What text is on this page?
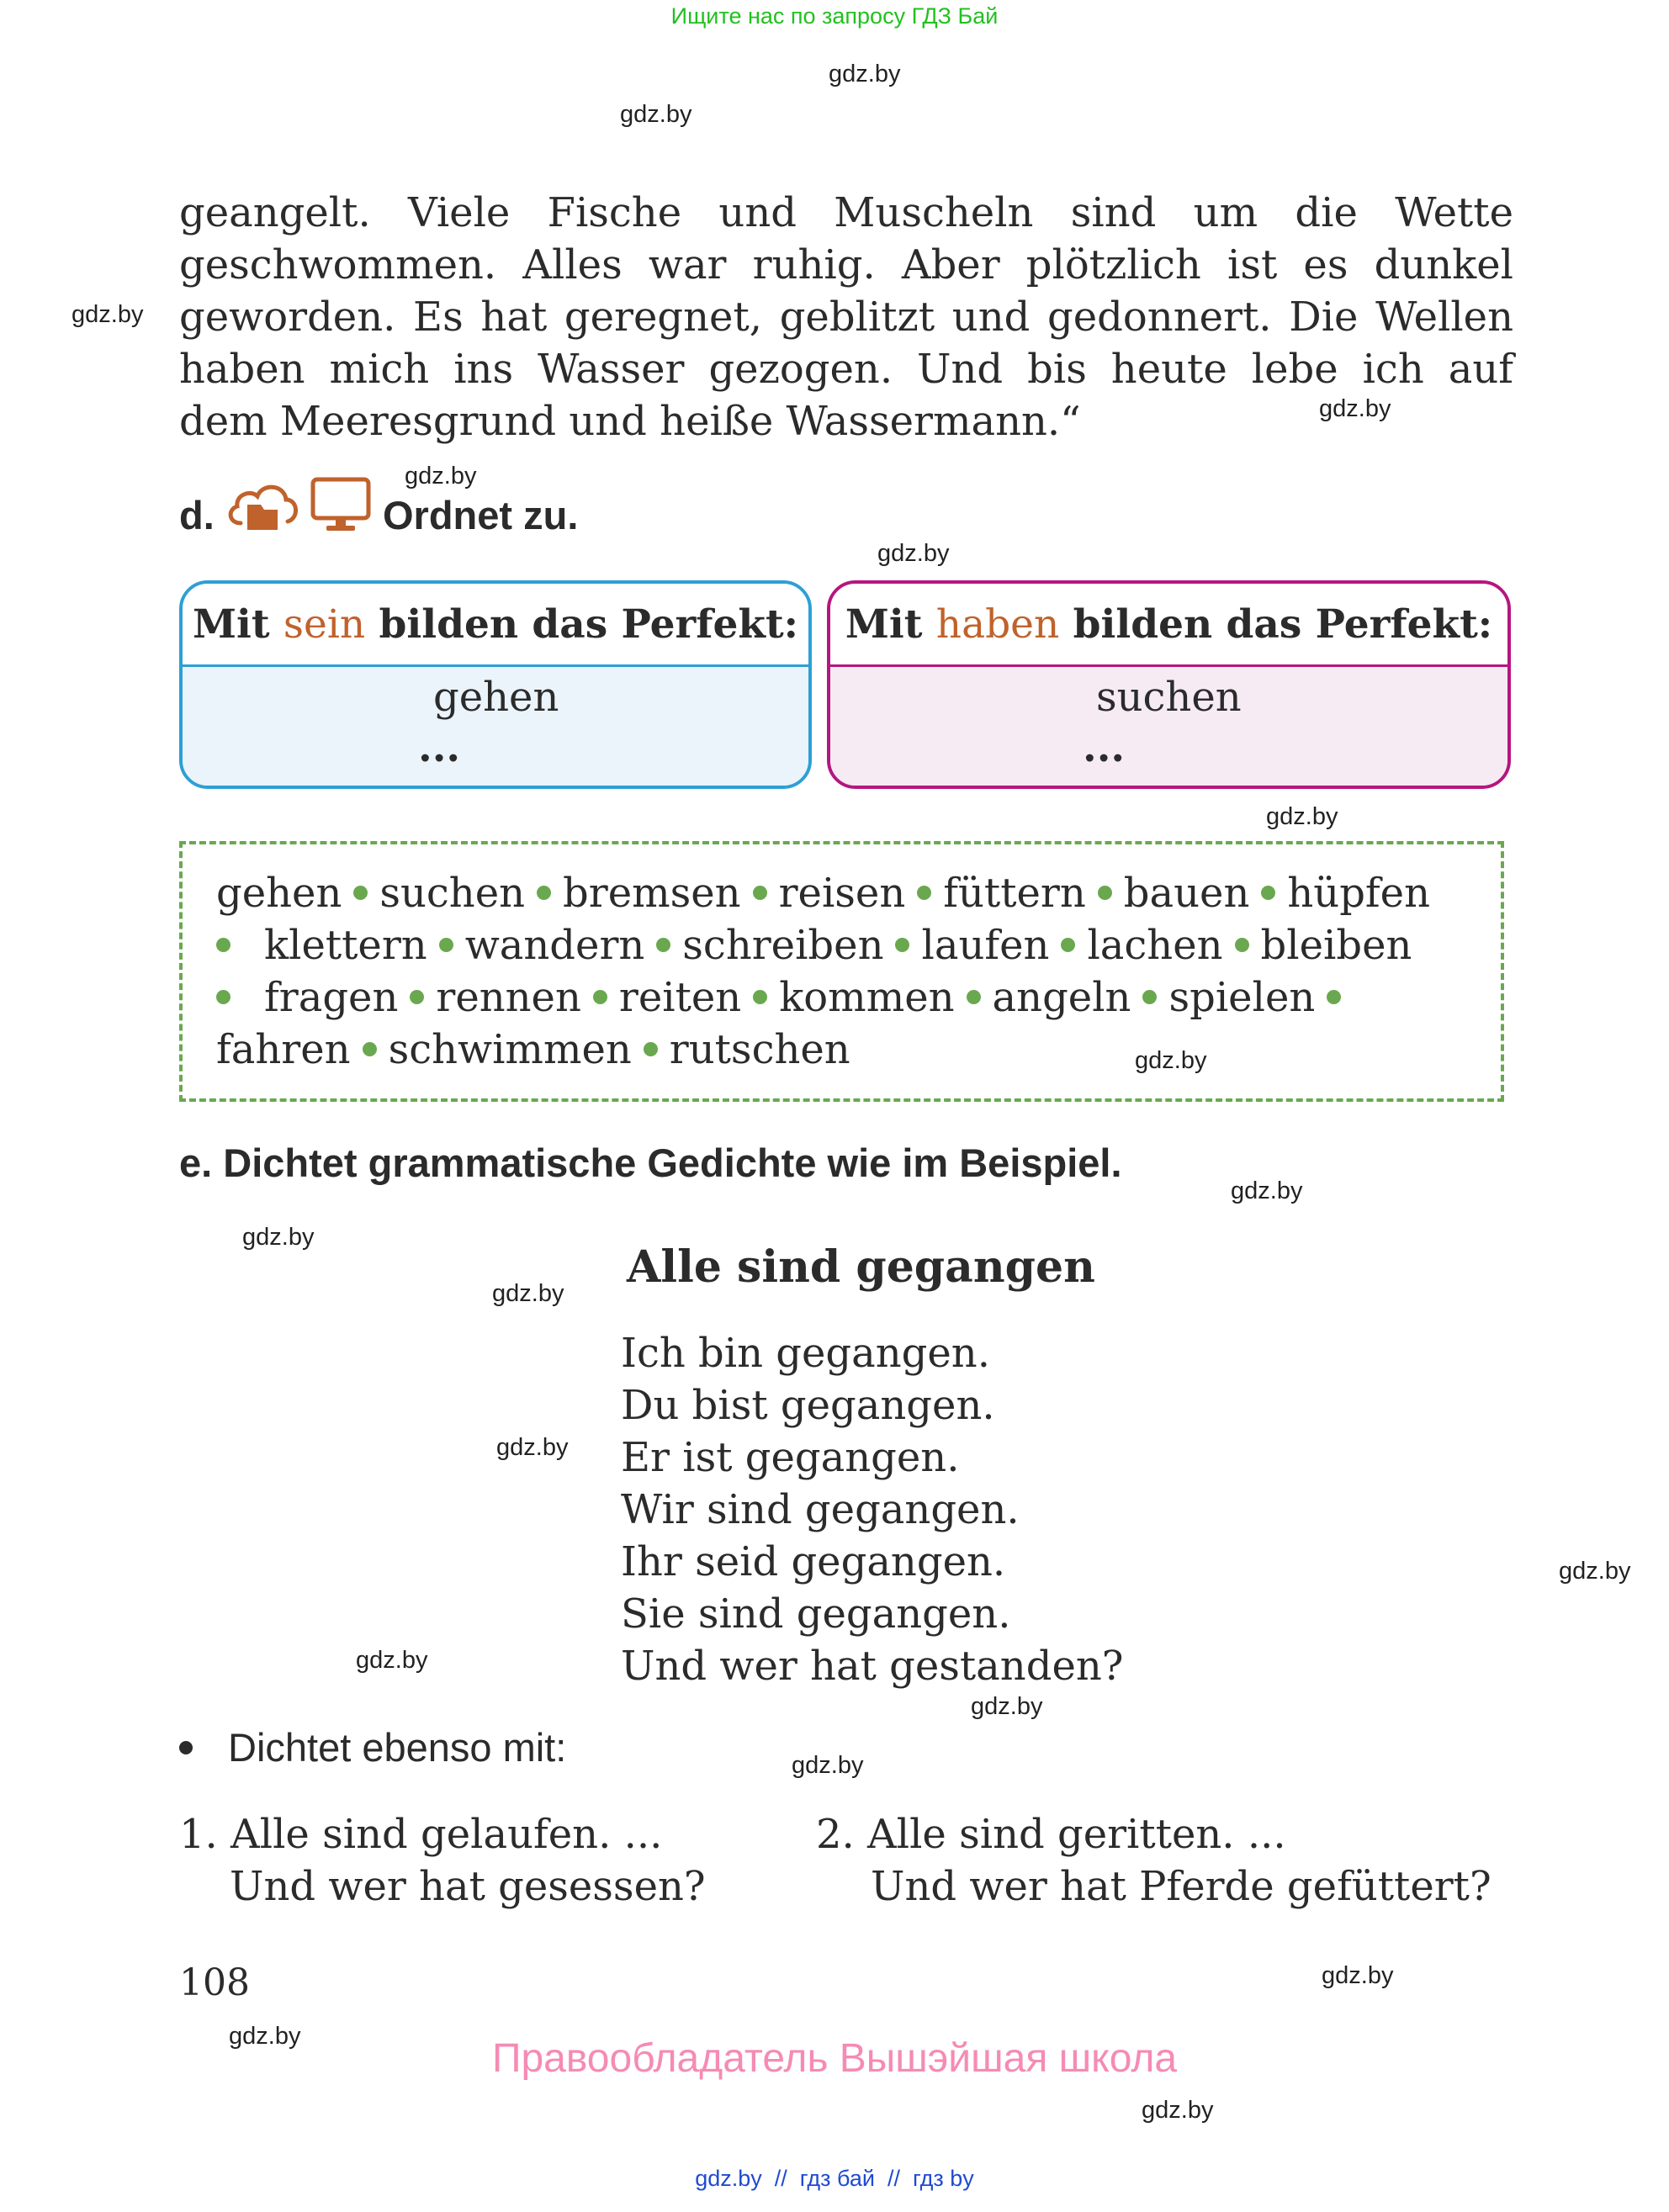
Ищите нас по запросу ГДЗ Бай
gdz.by
gdz.by
gdz.by
gdz.by
gdz.by
gdz.by
gdz.by
gdz.by
gdz.by
gdz.by
gdz.by
gdz.by
gdz.by
gdz.by
gdz.by
gdz.by
gdz.by
gdz.by
gdz.by
geangelt. Viele Fische und Muscheln sind um die Wette
geschwommen. Alles war ruhig. Aber plötzlich ist es dunkel
geworden. Es hat geregnet, geblitzt und gedonnert. Die Wellen
haben mich ins Wasser gezogen. Und bis heute lebe ich auf
dem Meeresgrund und heiße Wassermann.“
d.	Ordnet zu.
Mit
sein
bilden das Perfekt:
gehen
...
Mit
haben
bilden das Perfekt:
suchen
...
gehen suchen bremsen reisen füttern bauen hüpfen
klettern wandern schreiben laufen lachen bleiben
fragen rennen reiten kommen angeln spielen
fahren schwimmen rutschen
e. Dichtet grammatische Gedichte wie im Beispiel.
Alle sind gegangen
Ich bin gegangen.
Du bist gegangen.
Er ist gegangen.
Wir sind gegangen.
Ihr seid gegangen.
Sie sind gegangen.
Und wer hat gestanden?
Dichtet ebenso mit:
1. Alle sind gelaufen. ...
Und wer hat gesessen?
2. Alle sind geritten. ...
Und wer hat Pferde gefüttert?
108
Правообладатель Вышэйшая школа
gdz.by  //  гдз бай  //  гдз by
